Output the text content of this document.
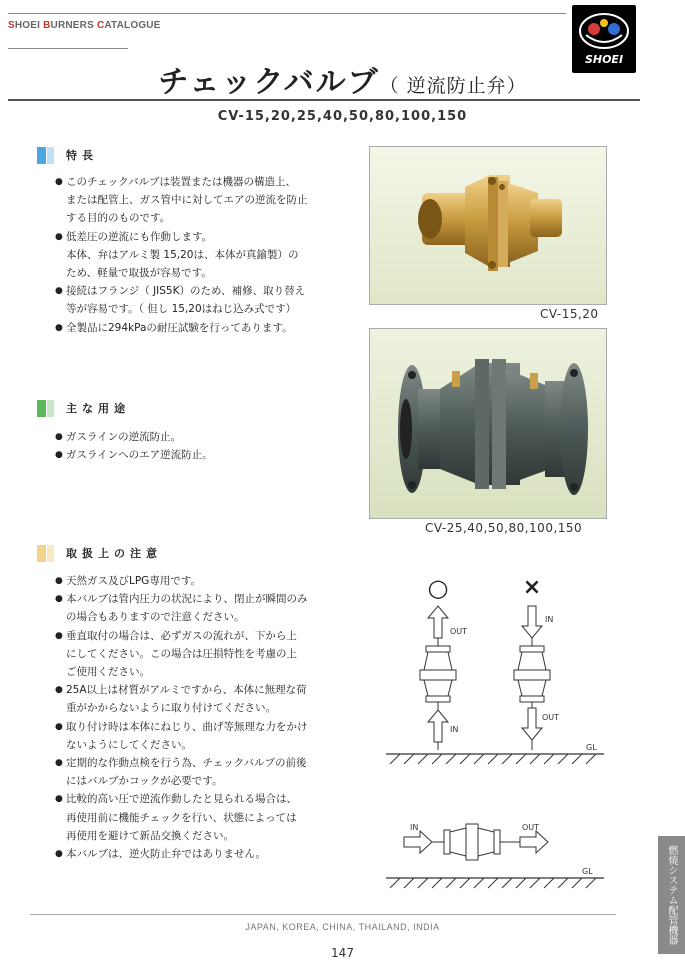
SHOEI BURNERS CATALOGUE
SHOEI
チェックバルブ（ 逆流防止弁）
CV-15,20,25,40,50,80,100,150
特長
● このチェックバルブは装置または機器の構造上、
または配管上、ガス管中に対してエアの逆流を防止
する目的のものです。
● 低差圧の逆流にも作動します。
本体、弁はアルミ製 15,20は、本体が真鍮製）の
ため、軽量で取扱が容易です。
● 接続はフランジ（ JIS5K）のため、補修、取り替え
等が容易です。（ 但し 15,20はねじ込み式です）
● 全製品に294kPaの耐圧試験を行ってあります。
主な用途
● ガスラインの逆流防止。
● ガスラインへのエア逆流防止。
取扱上の注意
● 天然ガス及びLPG専用です。
● 本バルブは管内圧力の状況により、閉止が瞬間のみ
の場合もありますので注意ください。
● 垂直取付の場合は、必ずガスの流れが、下から上
にしてください。この場合は圧損特性を考慮の上
ご使用ください。
● 25A以上は材質がアルミですから、本体に無理な荷
重がかからないように取り付けてください。
● 取り付け時は本体にねじり、曲げ等無理な力をかけ
ないようにしてください。
● 定期的な作動点検を行う為、チェックバルブの前後
にはバルブかコックが必要です。
● 比較的高い圧で逆流作動したと見られる場合は、
再使用前に機能チェックを行い、状態によっては
再使用を避けて新品交換ください。
● 本バルブは、逆火防止弁ではありません。
CV-15,20
CV-25,40,50,80,100,150
○	×
OUT
IN
IN
OUT
GL
IN	OUT
GL
JAPAN, KOREA, CHINA, THAILAND, INDIA
147
燃焼システム配管機器
